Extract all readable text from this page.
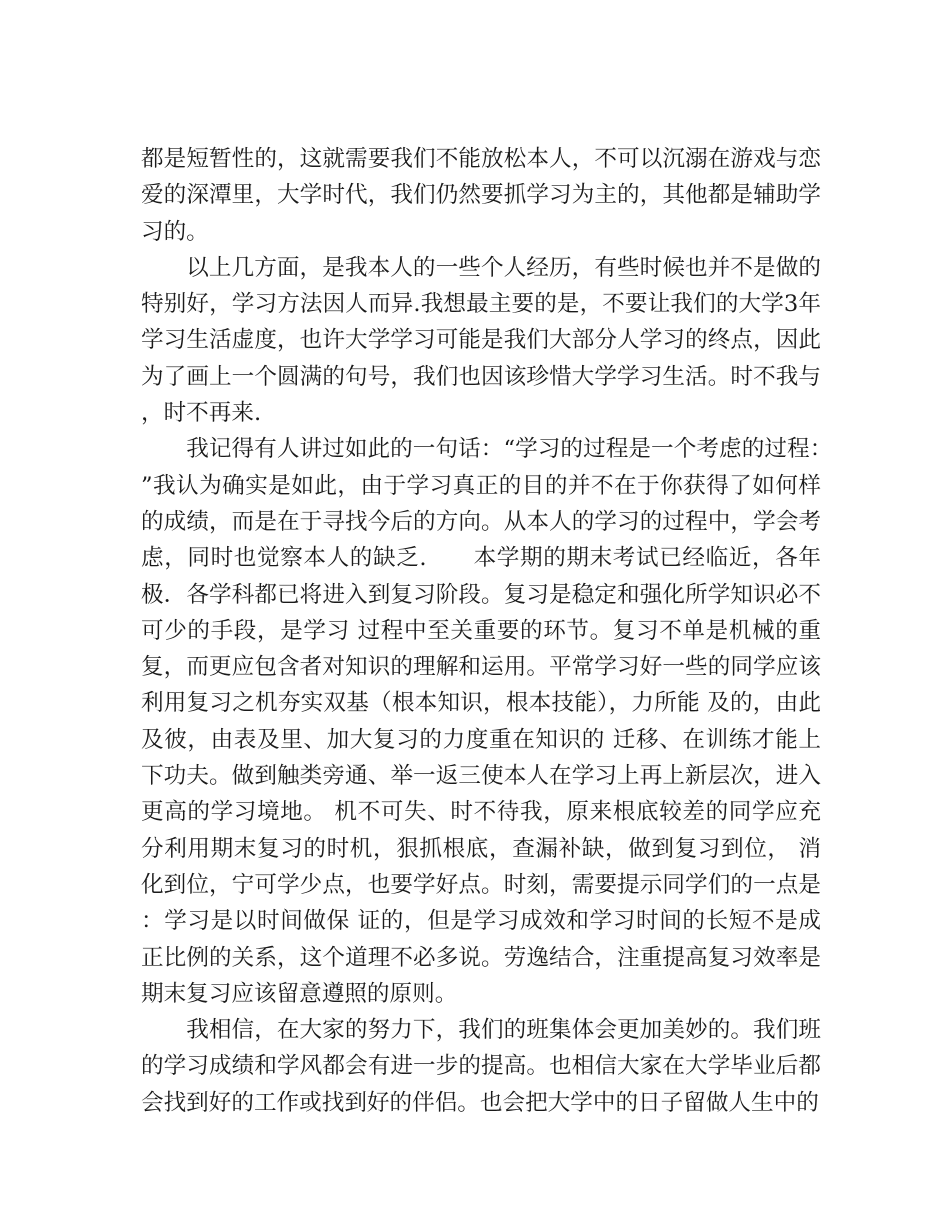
都是短暂性的，这就需要我们不能放松本人，不可以沉溺在游戏与恋爱的深潭里，大学时代，我们仍然要抓学习为主的，其他都是辅助学习的。

以上几方面，是我本人的一些个人经历，有些时候也并不是做的特别好，学习方法因人而异.我想最主要的是，不要让我们的大学3年学习生活虚度，也许大学学习可能是我们大部分人学习的终点，因此为了画上一个圆满的句号，我们也因该珍惜大学学习生活。时不我与，时不再来.

我记得有人讲过如此的一句话：“学习的过程是一个考虑的过程：”我认为确实是如此，由于学习真正的目的并不在于你获得了如何样的成绩，而是在于寻找今后的方向。从本人的学习的过程中，学会考虑，同时也觉察本人的缺乏.　　本学期的期末考试已经临近，各年极．各学科都已将进入到复习阶段。复习是稳定和强化所学知识必不可少的手段，是学习 过程中至关重要的环节。复习不单是机械的重复，而更应包含者对知识的理解和运用。平常学习好一些的同学应该利用复习之机夯实双基（根本知识，根本技能），力所能 及的，由此及彼，由表及里、加大复习的力度重在知识的 迁移、在训练才能上下功夫。做到触类旁通、举一返三使本人在学习上再上新层次，进入更高的学习境地。 机不可失、时不待我，原来根底较差的同学应充分利用期末复习的时机，狠抓根底，查漏补缺，做到复习到位， 消化到位，宁可学少点，也要学好点。时刻，需要提示同学们的一点是：学习是以时间做保 证的，但是学习成效和学习时间的长短不是成正比例的关系，这个道理不必多说。劳逸结合，注重提高复习效率是期末复习应该留意遵照的原则。

我相信，在大家的努力下，我们的班集体会更加美妙的。我们班的学习成绩和学风都会有进一步的提高。也相信大家在大学毕业后都会找到好的工作或找到好的伴侣。也会把大学中的日子留做人生中的
